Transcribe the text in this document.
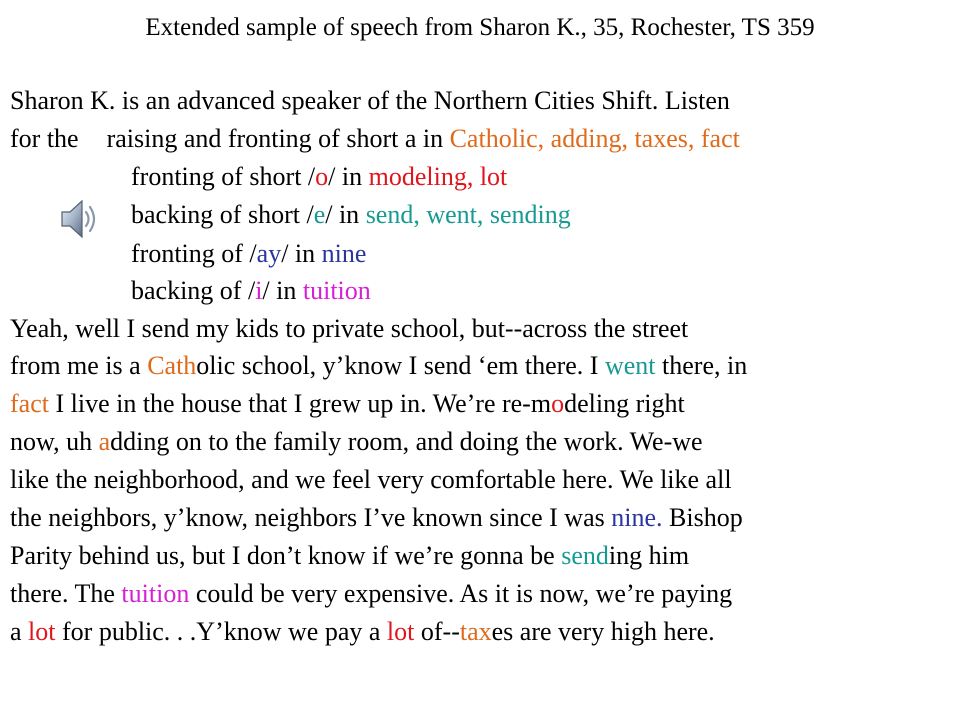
Extended sample of speech from Sharon K., 35, Rochester, TS 359
Sharon K. is an advanced speaker of the Northern Cities Shift. Listen
for the raising and fronting of short a in Catholic, adding, taxes, fact
fronting of short /o/ in modeling, lot
backing of short /e/ in send, went, sending
fronting of /ay/ in nine
backing of /i/ in tuition
Yeah, well I send my kids to private school, but--across the street
from me is a Catholic school, y’know I send ‘em there. I went there, in
fact I live in the house that I grew up in. We’re re-modeling right
now, uh adding on to the family room, and doing the work. We-we
like the neighborhood, and we feel very comfortable here. We like all
the neighbors, y’know, neighbors I’ve known since I was nine. Bishop
Parity behind us, but I don’t know if we’re gonna be sending him
there. The tuition could be very expensive. As it is now, we’re paying
a lot for public. . .Y’know we pay a lot of--taxes are very high here.
